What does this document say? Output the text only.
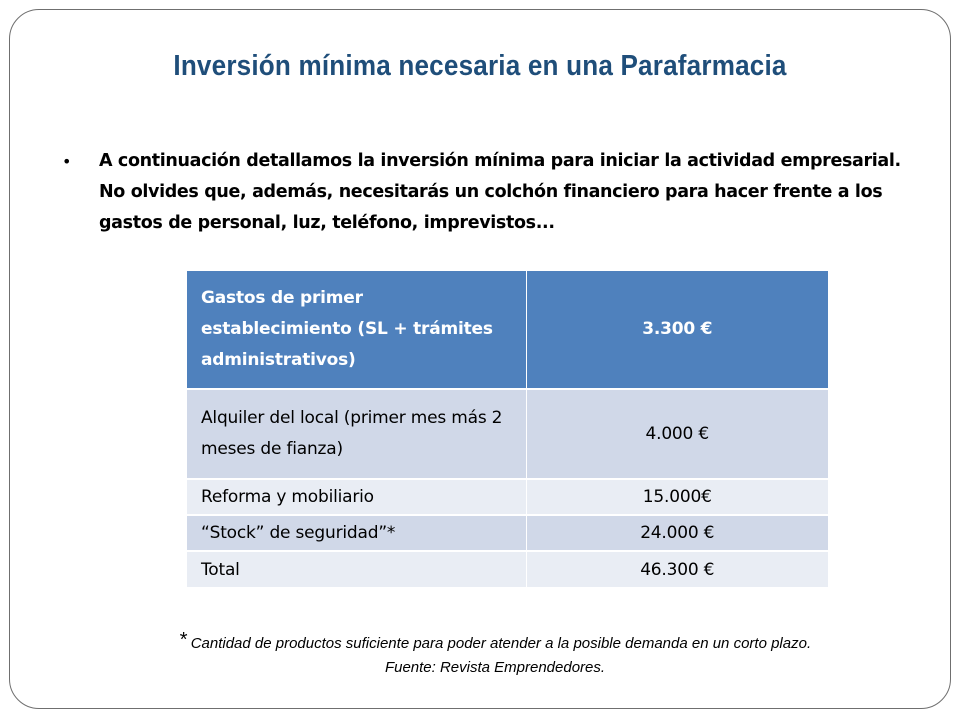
Inversión mínima necesaria en una Parafarmacia
• A continuación detallamos la inversión mínima para iniciar la actividad empresarial. No olvides que, además, necesitarás un colchón financiero para hacer frente a los gastos de personal, luz, teléfono, imprevistos...
Gastos de primer establecimiento (SL + trámites administrativos)	3.300 €
Alquiler del local (primer mes más 2 meses de fianza)	4.000 €
Reforma y mobiliario	15.000€
“Stock” de seguridad”*	24.000 €
Total	46.300 €
* Cantidad de productos suficiente para poder atender a la posible demanda en un corto plazo.
Fuente: Revista Emprendedores.
